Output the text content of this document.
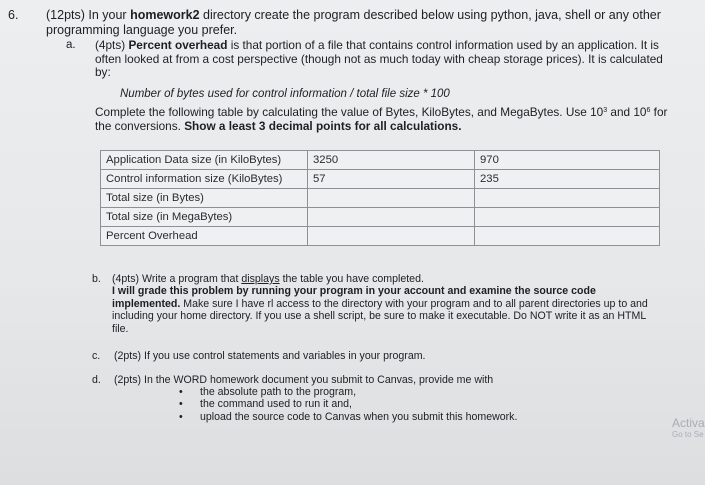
6. (12pts) In your homework2 directory create the program described below using python, java, shell or any other programming language you prefer.
a. (4pts) Percent overhead is that portion of a file that contains control information used by an application. It is often looked at from a cost perspective (though not as much today with cheap storage prices). It is calculated by:
Number of bytes used for control information / total file size * 100
Complete the following table by calculating the value of Bytes, KiloBytes, and MegaBytes. Use $10^3$ and $10^6$ for the conversions. Show a least 3 decimal points for all calculations.
Application Data size (in KiloBytes)	3250	970
Control information size (KiloBytes)	57	235
Total size (in Bytes)		
Total size (in MegaBytes)		
Percent Overhead		
b. (4pts) Write a program that displays the table you have completed.
I will grade this problem by running your program in your account and examine the source code implemented. Make sure I have rl access to the directory with your program and to all parent directories up to and including your home directory. If you use a shell script, be sure to make it executable. Do NOT write it as an HTML file.
c. (2pts) If you use control statements and variables in your program.
d. (2pts) In the WORD homework document you submit to Canvas, provide me with
• the absolute path to the program,
• the command used to run it and,
• upload the source code to Canvas when you submit this homework.	Activa
Go to Se
